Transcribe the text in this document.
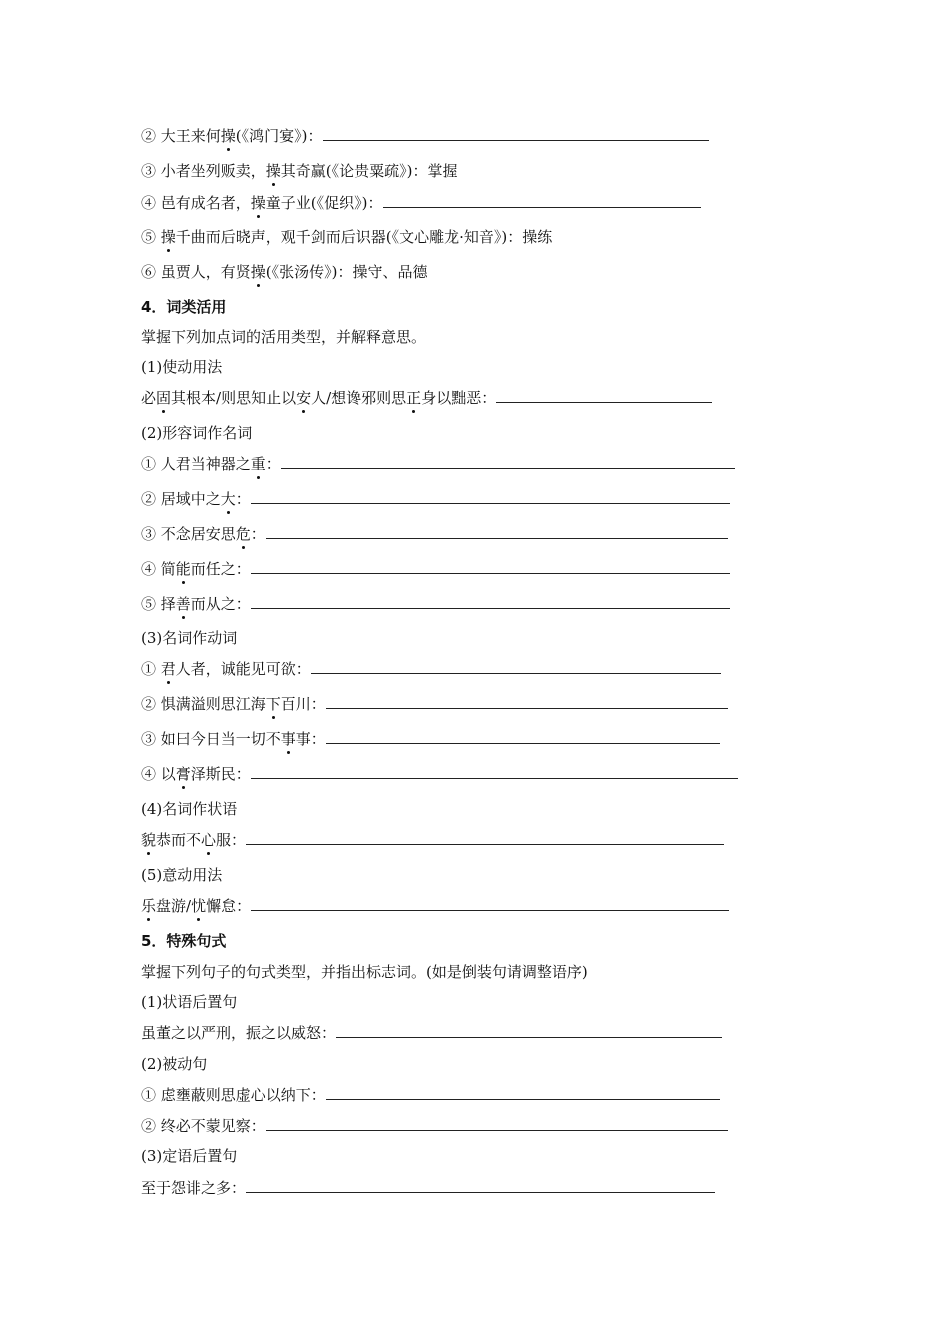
② 大王来何操(《鸿门宴》)：
③ 小者坐列贩卖，操其奇赢(《论贵粟疏》)：掌握
④ 邑有成名者，操童子业(《促织》)：
⑤ 操千曲而后晓声，观千剑而后识器(《文心雕龙·知音》)：操练
⑥ 虽贾人，有贤操(《张汤传》)：操守、品德
4．词类活用
掌握下列加点词的活用类型，并解释意思。
(1)使动用法
必固其根本/则思知止以安人/想谗邪则思正身以黜恶：
(2)形容词作名词
① 人君当神器之重：
② 居域中之大：
③ 不念居安思危：
④ 简能而任之：
⑤ 择善而从之：
(3)名词作动词
① 君人者，诚能见可欲：
② 惧满溢则思江海下百川：
③ 如曰今日当一切不事事：
④ 以膏泽斯民：
(4)名词作状语
貌恭而不心服：
(5)意动用法
乐盘游/忧懈怠：
5．特殊句式
掌握下列句子的句式类型，并指出标志词。(如是倒装句请调整语序)
(1)状语后置句
虽董之以严刑，振之以威怒：
(2)被动句
① 虑壅蔽则思虚心以纳下：
② 终必不蒙见察：
(3)定语后置句
至于怨诽之多：
